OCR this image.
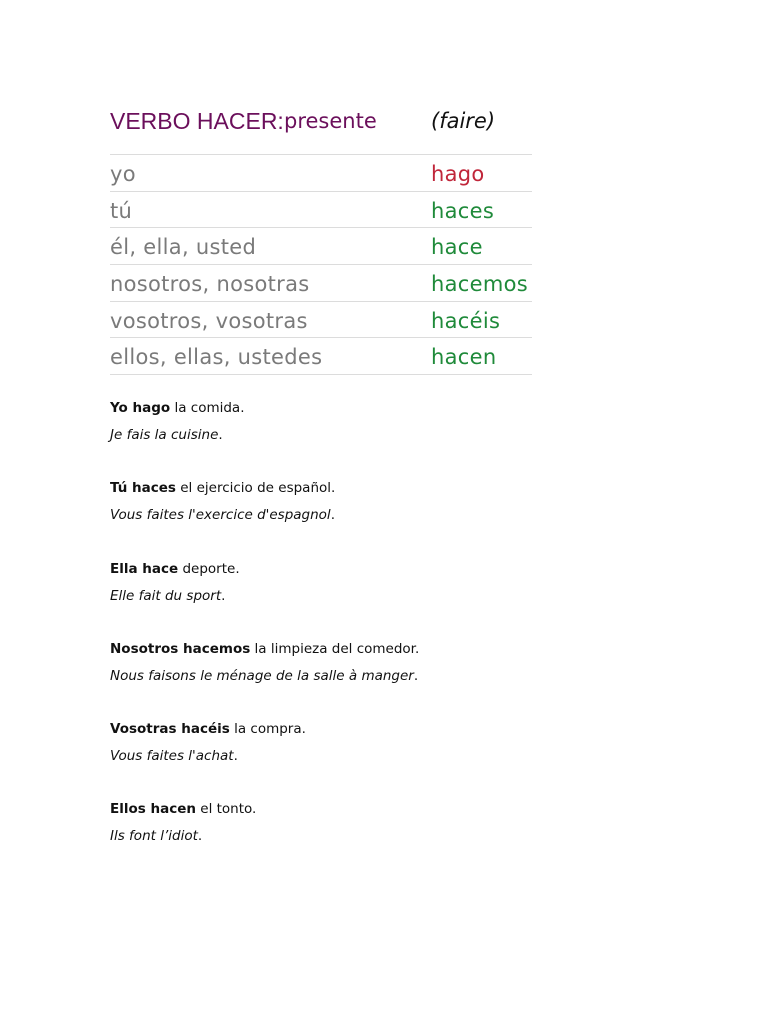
VERBO HACER: presente	(faire)
yo	hago
tú	haces
él, ella, usted	hace
nosotros, nosotras	hacemos
vosotros, vosotras	hacéis
ellos, ellas, ustedes	hacen
Yo hago la comida.
Je fais la cuisine.
Tú haces el ejercicio de español.
Vous faites l'exercice d'espagnol.
Ella hace deporte.
Elle fait du sport.
Nosotros hacemos la limpieza del comedor.
Nous faisons le ménage de la salle à manger.
Vosotras hacéis la compra.
Vous faites l'achat.
Ellos hacen el tonto.
Ils font l’idiot.
